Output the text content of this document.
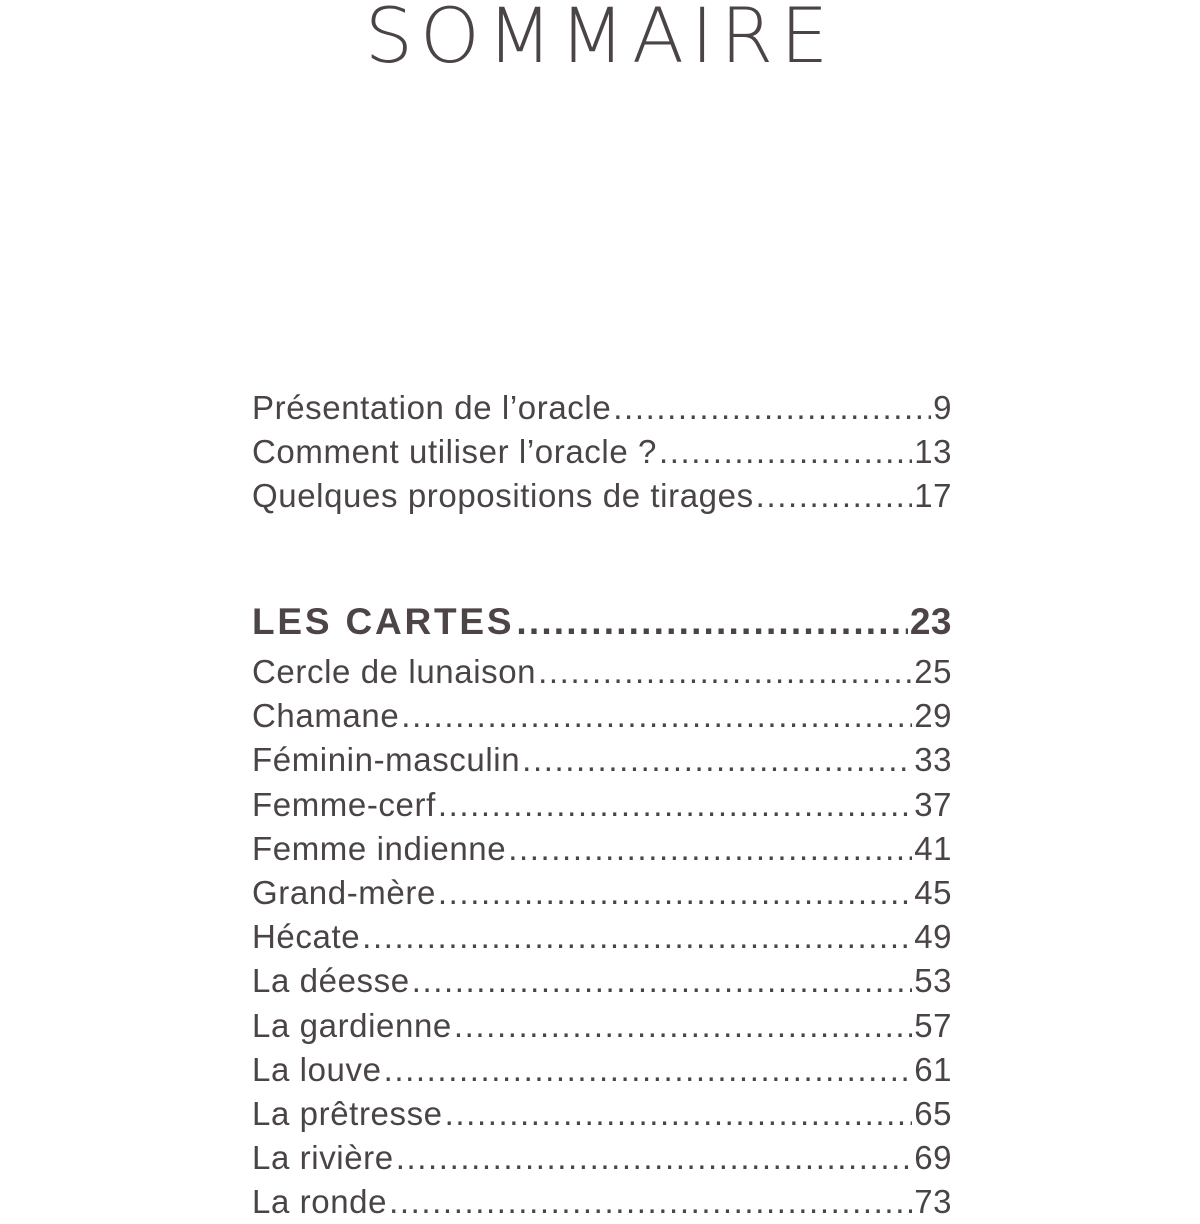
SOMMAIRE
Présentation de l’oracle .....	9
Comment utiliser l’oracle ? .....	13
Quelques propositions de tirages .....	17
LES CARTES .....	23
Cercle de lunaison .....	25
Chamane .....	29
Féminin-masculin .....	33
Femme-cerf .....	37
Femme indienne .....	41
Grand-mère .....	45
Hécate .....	49
La déesse .....	53
La gardienne .....	57
La louve .....	61
La prêtresse .....	65
La rivière .....	69
La ronde .....	73
